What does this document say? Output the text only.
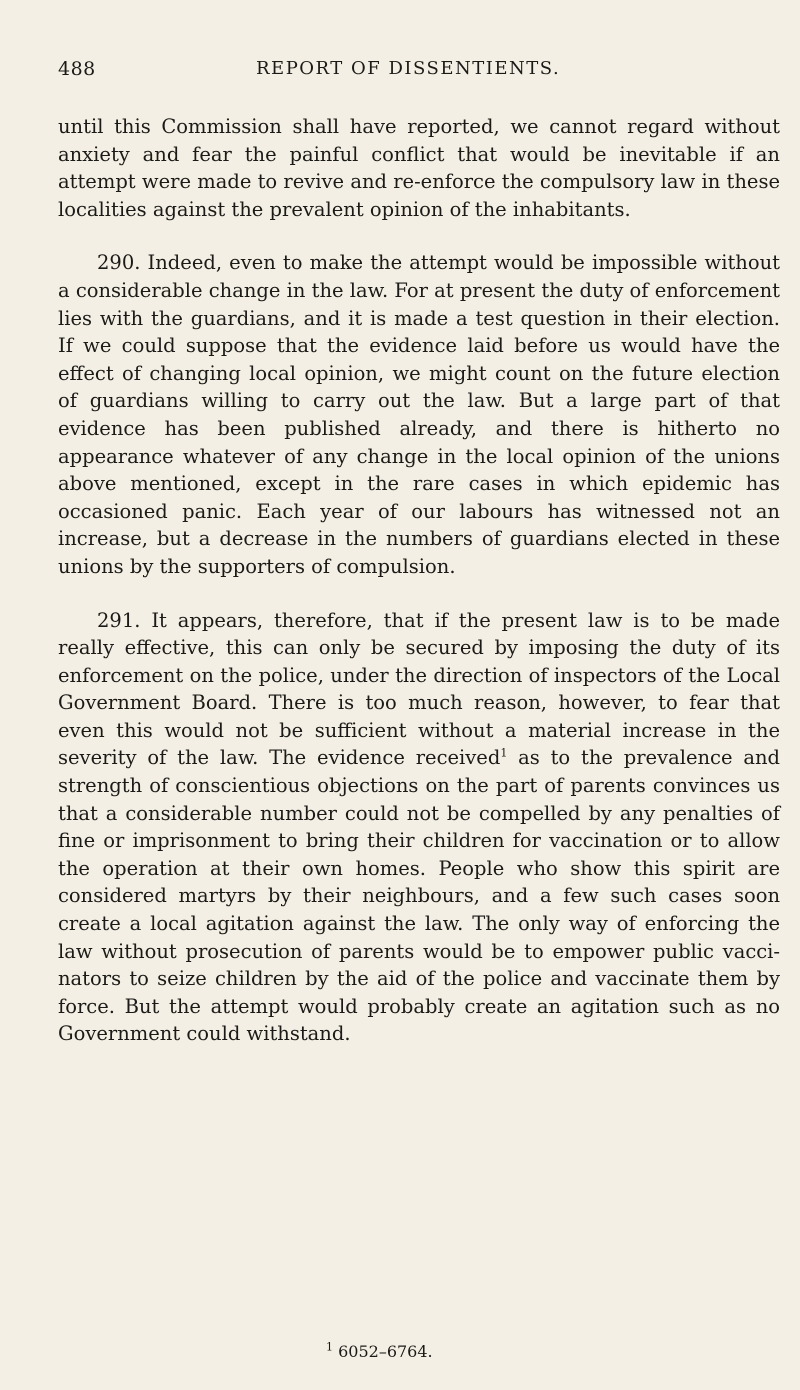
488	REPORT OF DISSENTIENTS.

until this Commission shall have reported, we cannot regard without anxiety and fear the painful conflict that would be inevitable if an attempt were made to revive and re-enforce the compulsory law in these localities against the prevalent opinion of the inhabitants.

290. Indeed, even to make the attempt would be impossible without a considerable change in the law. For at present the duty of enforcement lies with the guardians, and it is made a test question in their election. If we could suppose that the evidence laid before us would have the effect of changing local opinion, we might count on the future election of guardians willing to carry out the law. But a large part of that evidence has been published already, and there is hitherto no appearance whatever of any change in the local opinion of the unions above mentioned, except in the rare cases in which epidemic has occasioned panic. Each year of our labours has witnessed not an increase, but a decrease in the numbers of guardians elected in these unions by the supporters of compulsion.

291. It appears, therefore, that if the present law is to be made really effective, this can only be secured by imposing the duty of its enforcement on the police, under the direction of inspectors of the Local Government Board. There is too much reason, however, to fear that even this would not be sufficient without a material increase in the severity of the law. The evidence received$^1$ as to the prevalence and strength of conscientious objections on the part of parents convinces us that a considerable number could not be compelled by any penalties of fine or imprisonment to bring their children for vaccination or to allow the operation at their own homes. People who show this spirit are considered martyrs by their neighbours, and a few such cases soon create a local agitation against the law. The only way of enforcing the law without prosecution of parents would be to empower public vacci-nators to seize children by the aid of the police and vaccinate them by force. But the attempt would probably create an agitation such as no Government could withstand.

$^1$ 6052–6764.
